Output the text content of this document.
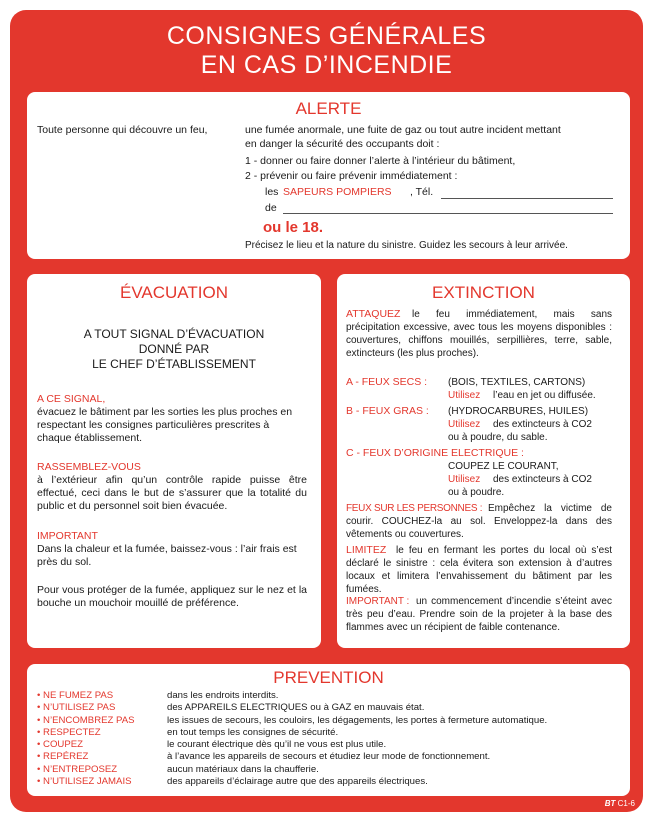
CONSIGNES GÉNÉRALES
EN CAS D’INCENDIE
ALERTE
Toute personne qui découvre un feu,	une fumée anormale, une fuite de gaz ou tout autre incident mettant
en danger la sécurité des occupants doit :
1 - donner ou faire donner l’alerte à l’intérieur du bâtiment,
2 - prévenir ou faire prévenir immédiatement :
les SAPEURS POMPIERS , Tél.
de
ou le 18.
Précisez le lieu et la nature du sinistre. Guidez les secours à leur arrivée.
ÉVACUATION
A TOUT SIGNAL D’ÉVACUATION
DONNÉ PAR
LE CHEF D’ÉTABLISSEMENT
A CE SIGNAL,
évacuez le bâtiment par les sorties les plus proches en respectant les consignes particulières prescrites à chaque établissement.
RASSEMBLEZ-VOUS
à l’extérieur afin qu’un contrôle rapide puisse être effectué, ceci dans le but de s’assurer que la totalité du public et du personnel soit bien évacuée.
IMPORTANT
Dans la chaleur et la fumée, baissez-vous : l’air frais est près du sol.
Pour vous protéger de la fumée, appliquez sur le nez et la bouche un mouchoir mouillé de préférence.
EXTINCTION
ATTAQUEZ	le feu immédiatement, mais sans précipitation excessive, avec tous les moyens disponibles : couvertures, chiffons mouillés, serpillières, terre, sable, extincteurs (les plus proches).
A - FEUX SECS : (BOIS, TEXTILES, CARTONS)
Utilisez l’eau en jet ou diffusée.
B - FEUX GRAS : (HYDROCARBURES, HUILES)
Utilisez des extincteurs à CO2
ou à poudre, du sable.
C - FEUX D’ORIGINE ELECTRIQUE :
COUPEZ LE COURANT,
Utilisez des extincteurs à CO2
ou à poudre.
FEUX SUR LES PERSONNES : Empêchez la victime de courir. COUCHEZ-la au sol. Enveloppez-la dans des vêtements ou couvertures.
LIMITEZ le feu en fermant les portes du local où s’est déclaré le sinistre : cela évitera son extension à d’autres locaux et limitera l’envahissement du bâtiment par les fumées.
IMPORTANT : un commencement d’incendie s’éteint avec très peu d’eau. Prendre soin de la projeter à la base des flammes avec un récipient de faible contenance.
PREVENTION
• NE FUMEZ PAS	dans les endroits interdits.
• N’UTILISEZ PAS	des APPAREILS ELECTRIQUES ou à GAZ en mauvais état.
• N’ENCOMBREZ PAS	les issues de secours, les couloirs, les dégagements, les portes à fermeture automatique.
• RESPECTEZ	en tout temps les consignes de sécurité.
• COUPEZ	le courant électrique dès qu’il ne vous est plus utile.
• REPÉREZ	à l’avance les appareils de secours et étudiez leur mode de fonctionnement.
• N’ENTREPOSEZ	aucun matériaux dans la chaufferie.
• N’UTILISEZ JAMAIS	des appareils d’éclairage autre que des appareils électriques.
BT C1-6
